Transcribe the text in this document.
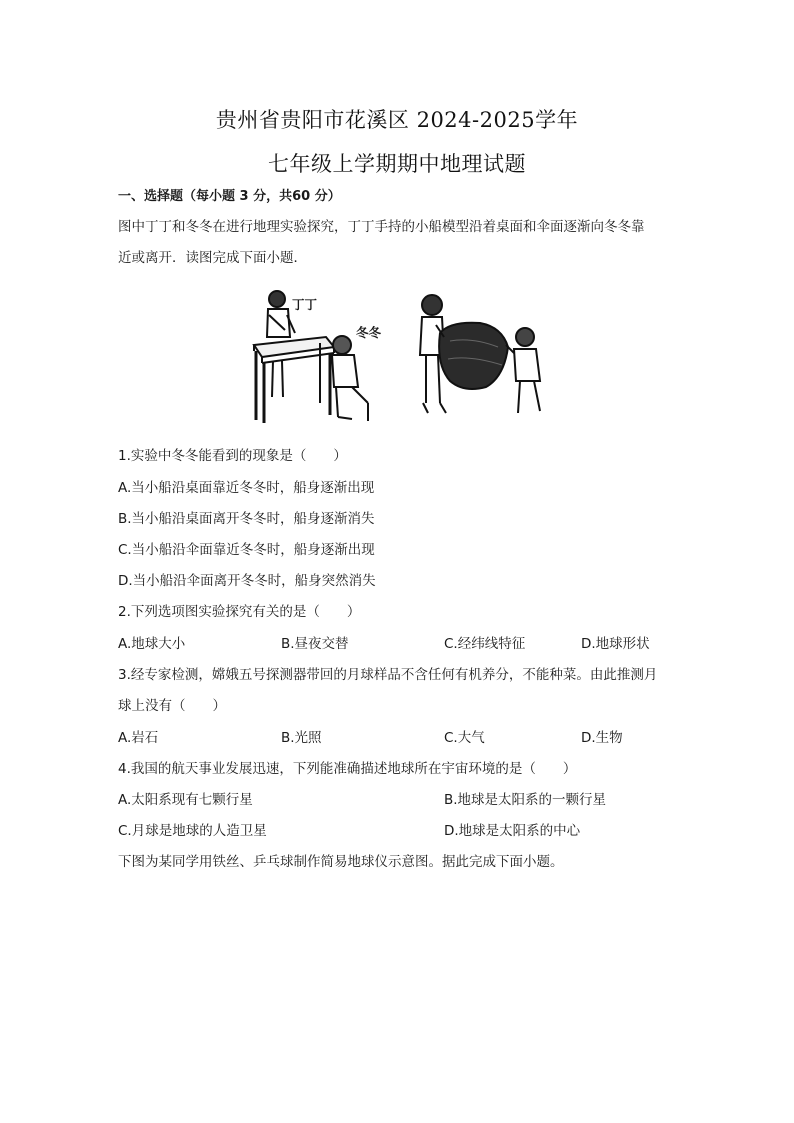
贵州省贵阳市花溪区 2024-2025学年
七年级上学期期中地理试题
一、选择题（每小题 3 分，共60 分）
图中丁丁和冬冬在进行地理实验探究，丁丁手持的小船模型沿着桌面和伞面逐渐向冬冬靠
近或离开．读图完成下面小题．
丁丁
冬冬
1.实验中冬冬能看到的现象是（　　）
A.当小船沿桌面靠近冬冬时，船身逐渐出现
B.当小船沿桌面离开冬冬时，船身逐渐消失
C.当小船沿伞面靠近冬冬时，船身逐渐出现
D.当小船沿伞面离开冬冬时，船身突然消失
2.下列选项图实验探究有关的是（　　）
A.地球大小	B.昼夜交替	C.经纬线特征	D.地球形状
3.经专家检测，嫦娥五号探测器带回的月球样品不含任何有机养分，不能种菜。由此推测月
球上没有（　　）
A.岩石	B.光照	C.大气	D.生物
4.我国的航天事业发展迅速，下列能准确描述地球所在宇宙环境的是（　　）
A.太阳系现有七颗行星	B.地球是太阳系的一颗行星
C.月球是地球的人造卫星	D.地球是太阳系的中心
下图为某同学用铁丝、乒乓球制作简易地球仪示意图。据此完成下面小题。
